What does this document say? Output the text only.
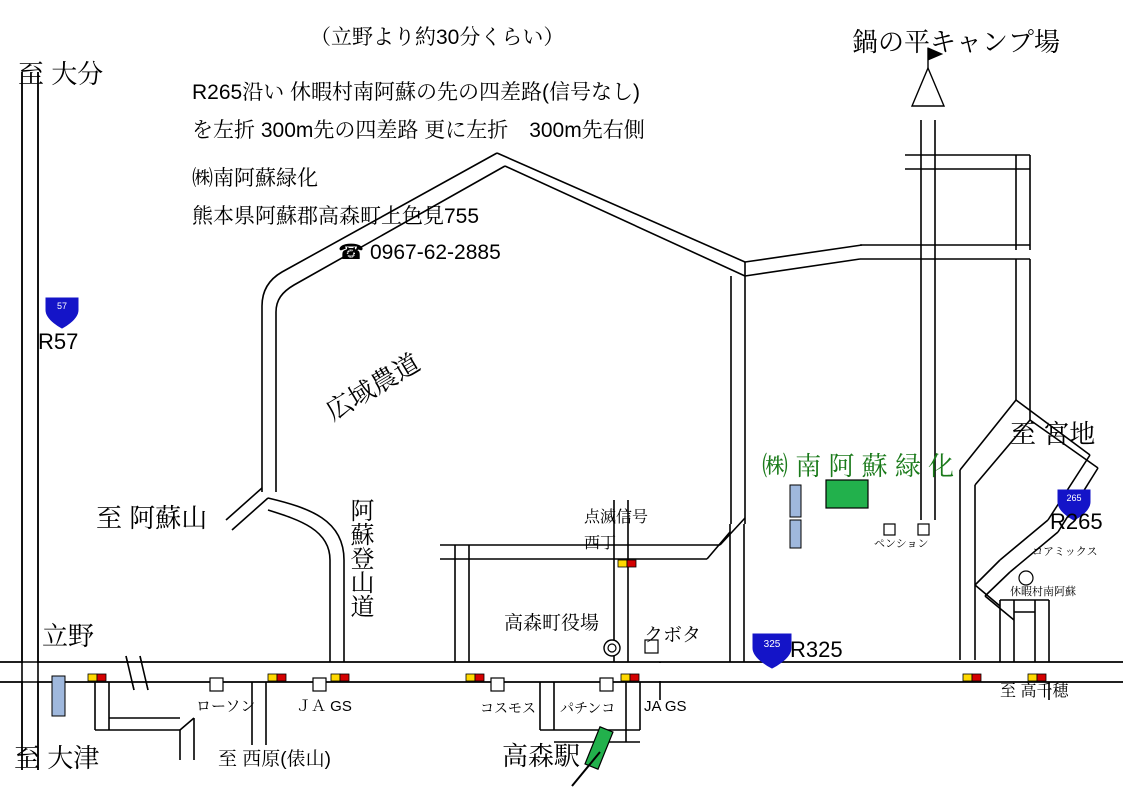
57
265
325
（立野より約30分くらい）
R265沿い 休暇村南阿蘇の先の四差路(信号なし)
を左折 300m先の四差路 更に左折　300m先右側
㈱南阿蘇緑化
熊本県阿蘇郡高森町上色見755
☎ 0967-62-2885
至 大分
R57
立野
至 大津
鍋の平キャンプ場
至 宮地
R265
R325
至 阿蘇山
至 西原(俵山)
至 高千穂
広域農道
阿蘇登山道
㈱ 南 阿 蘇 緑 化
ペンション
コアミックス
休暇村南阿蘇
点滅信号
西丁
高森町役場
クボタ
ローソン	ＪＡ GS	コスモス パチンコ JA GS
高森駅
